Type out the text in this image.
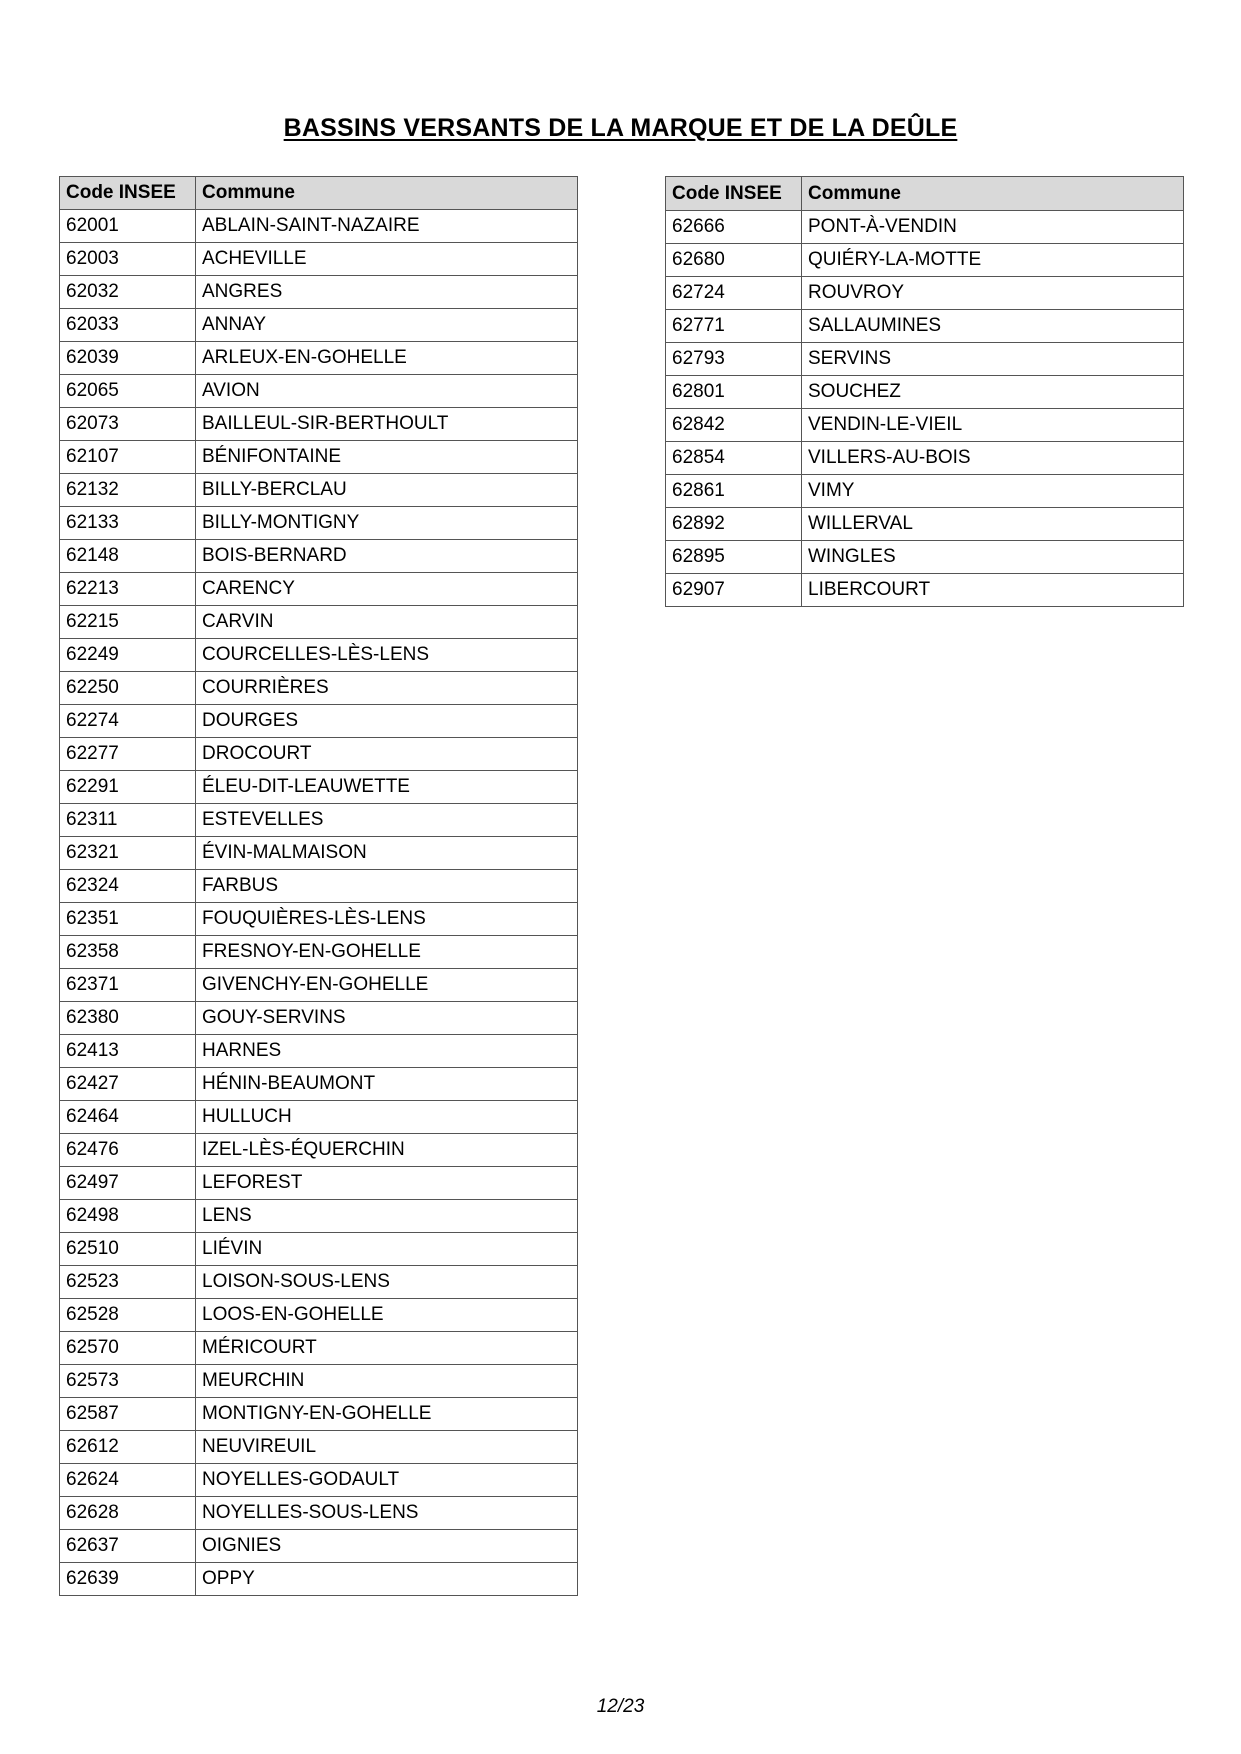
BASSINS VERSANTS DE LA MARQUE ET DE LA DEÛLE
Code INSEE	Commune
62001	ABLAIN-SAINT-NAZAIRE
62003	ACHEVILLE
62032	ANGRES
62033	ANNAY
62039	ARLEUX-EN-GOHELLE
62065	AVION
62073	BAILLEUL-SIR-BERTHOULT
62107	BÉNIFONTAINE
62132	BILLY-BERCLAU
62133	BILLY-MONTIGNY
62148	BOIS-BERNARD
62213	CARENCY
62215	CARVIN
62249	COURCELLES-LÈS-LENS
62250	COURRIÈRES
62274	DOURGES
62277	DROCOURT
62291	ÉLEU-DIT-LEAUWETTE
62311	ESTEVELLES
62321	ÉVIN-MALMAISON
62324	FARBUS
62351	FOUQUIÈRES-LÈS-LENS
62358	FRESNOY-EN-GOHELLE
62371	GIVENCHY-EN-GOHELLE
62380	GOUY-SERVINS
62413	HARNES
62427	HÉNIN-BEAUMONT
62464	HULLUCH
62476	IZEL-LÈS-ÉQUERCHIN
62497	LEFOREST
62498	LENS
62510	LIÉVIN
62523	LOISON-SOUS-LENS
62528	LOOS-EN-GOHELLE
62570	MÉRICOURT
62573	MEURCHIN
62587	MONTIGNY-EN-GOHELLE
62612	NEUVIREUIL
62624	NOYELLES-GODAULT
62628	NOYELLES-SOUS-LENS
62637	OIGNIES
62639	OPPY
Code INSEE	Commune
62666	PONT-À-VENDIN
62680	QUIÉRY-LA-MOTTE
62724	ROUVROY
62771	SALLAUMINES
62793	SERVINS
62801	SOUCHEZ
62842	VENDIN-LE-VIEIL
62854	VILLERS-AU-BOIS
62861	VIMY
62892	WILLERVAL
62895	WINGLES
62907	LIBERCOURT
12/23
